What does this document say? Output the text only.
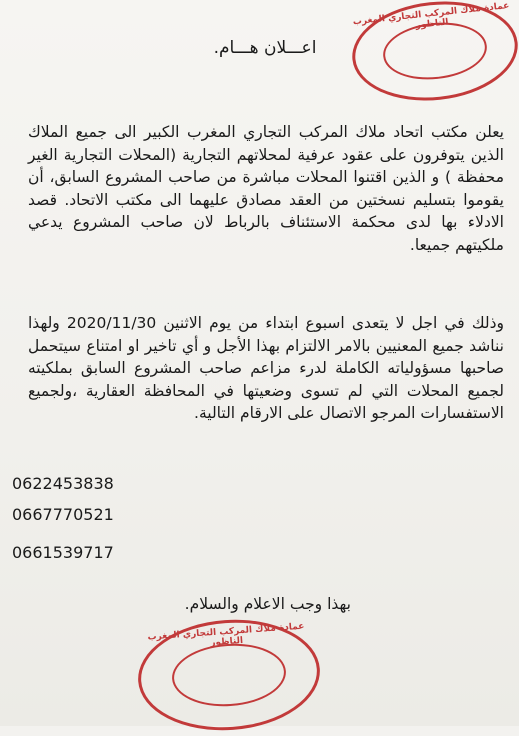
عمادة ملاك المركب التجاري المغرب الناظور
اعـــلان هـــام.

يعلن مكتب اتحاد ملاك المركب التجاري المغرب الكبير الى جميع الملاك الذين يتوفرون على عقود عرفية لمحلاتهم التجارية (المحلات التجارية الغير محفظة ) و الذين اقتنوا المحلات مباشرة من صاحب المشروع السابق، أن يقوموا بتسليم نسختين من العقد مصادق عليهما الى مكتب الاتحاد. قصد الادلاء بها لدى محكمة الاستئناف بالرباط لان صاحب المشروع يدعي ملكيتهم جميعا.

وذلك في اجل لا يتعدى اسبوع ابتداء من يوم الاثنين 2020/11/30 ولهذا نناشد جميع المعنيين بالامر الالتزام بهذا الأجل و أي تاخير او امتناع سيتحمل صاحبها مسؤولياته الكاملة لدرء مزاعم صاحب المشروع السابق بملكيته لجميع المحلات التي لم تسوى وضعيتها في المحافظة العقارية ،ولجميع الاستفسارات المرجو الاتصال على الارقام التالية.

0622453838
0667770521
0661539717
بهذا وجب الاعلام والسلام.
عمادة ملاك المركب التجاري المغرب الناظور
